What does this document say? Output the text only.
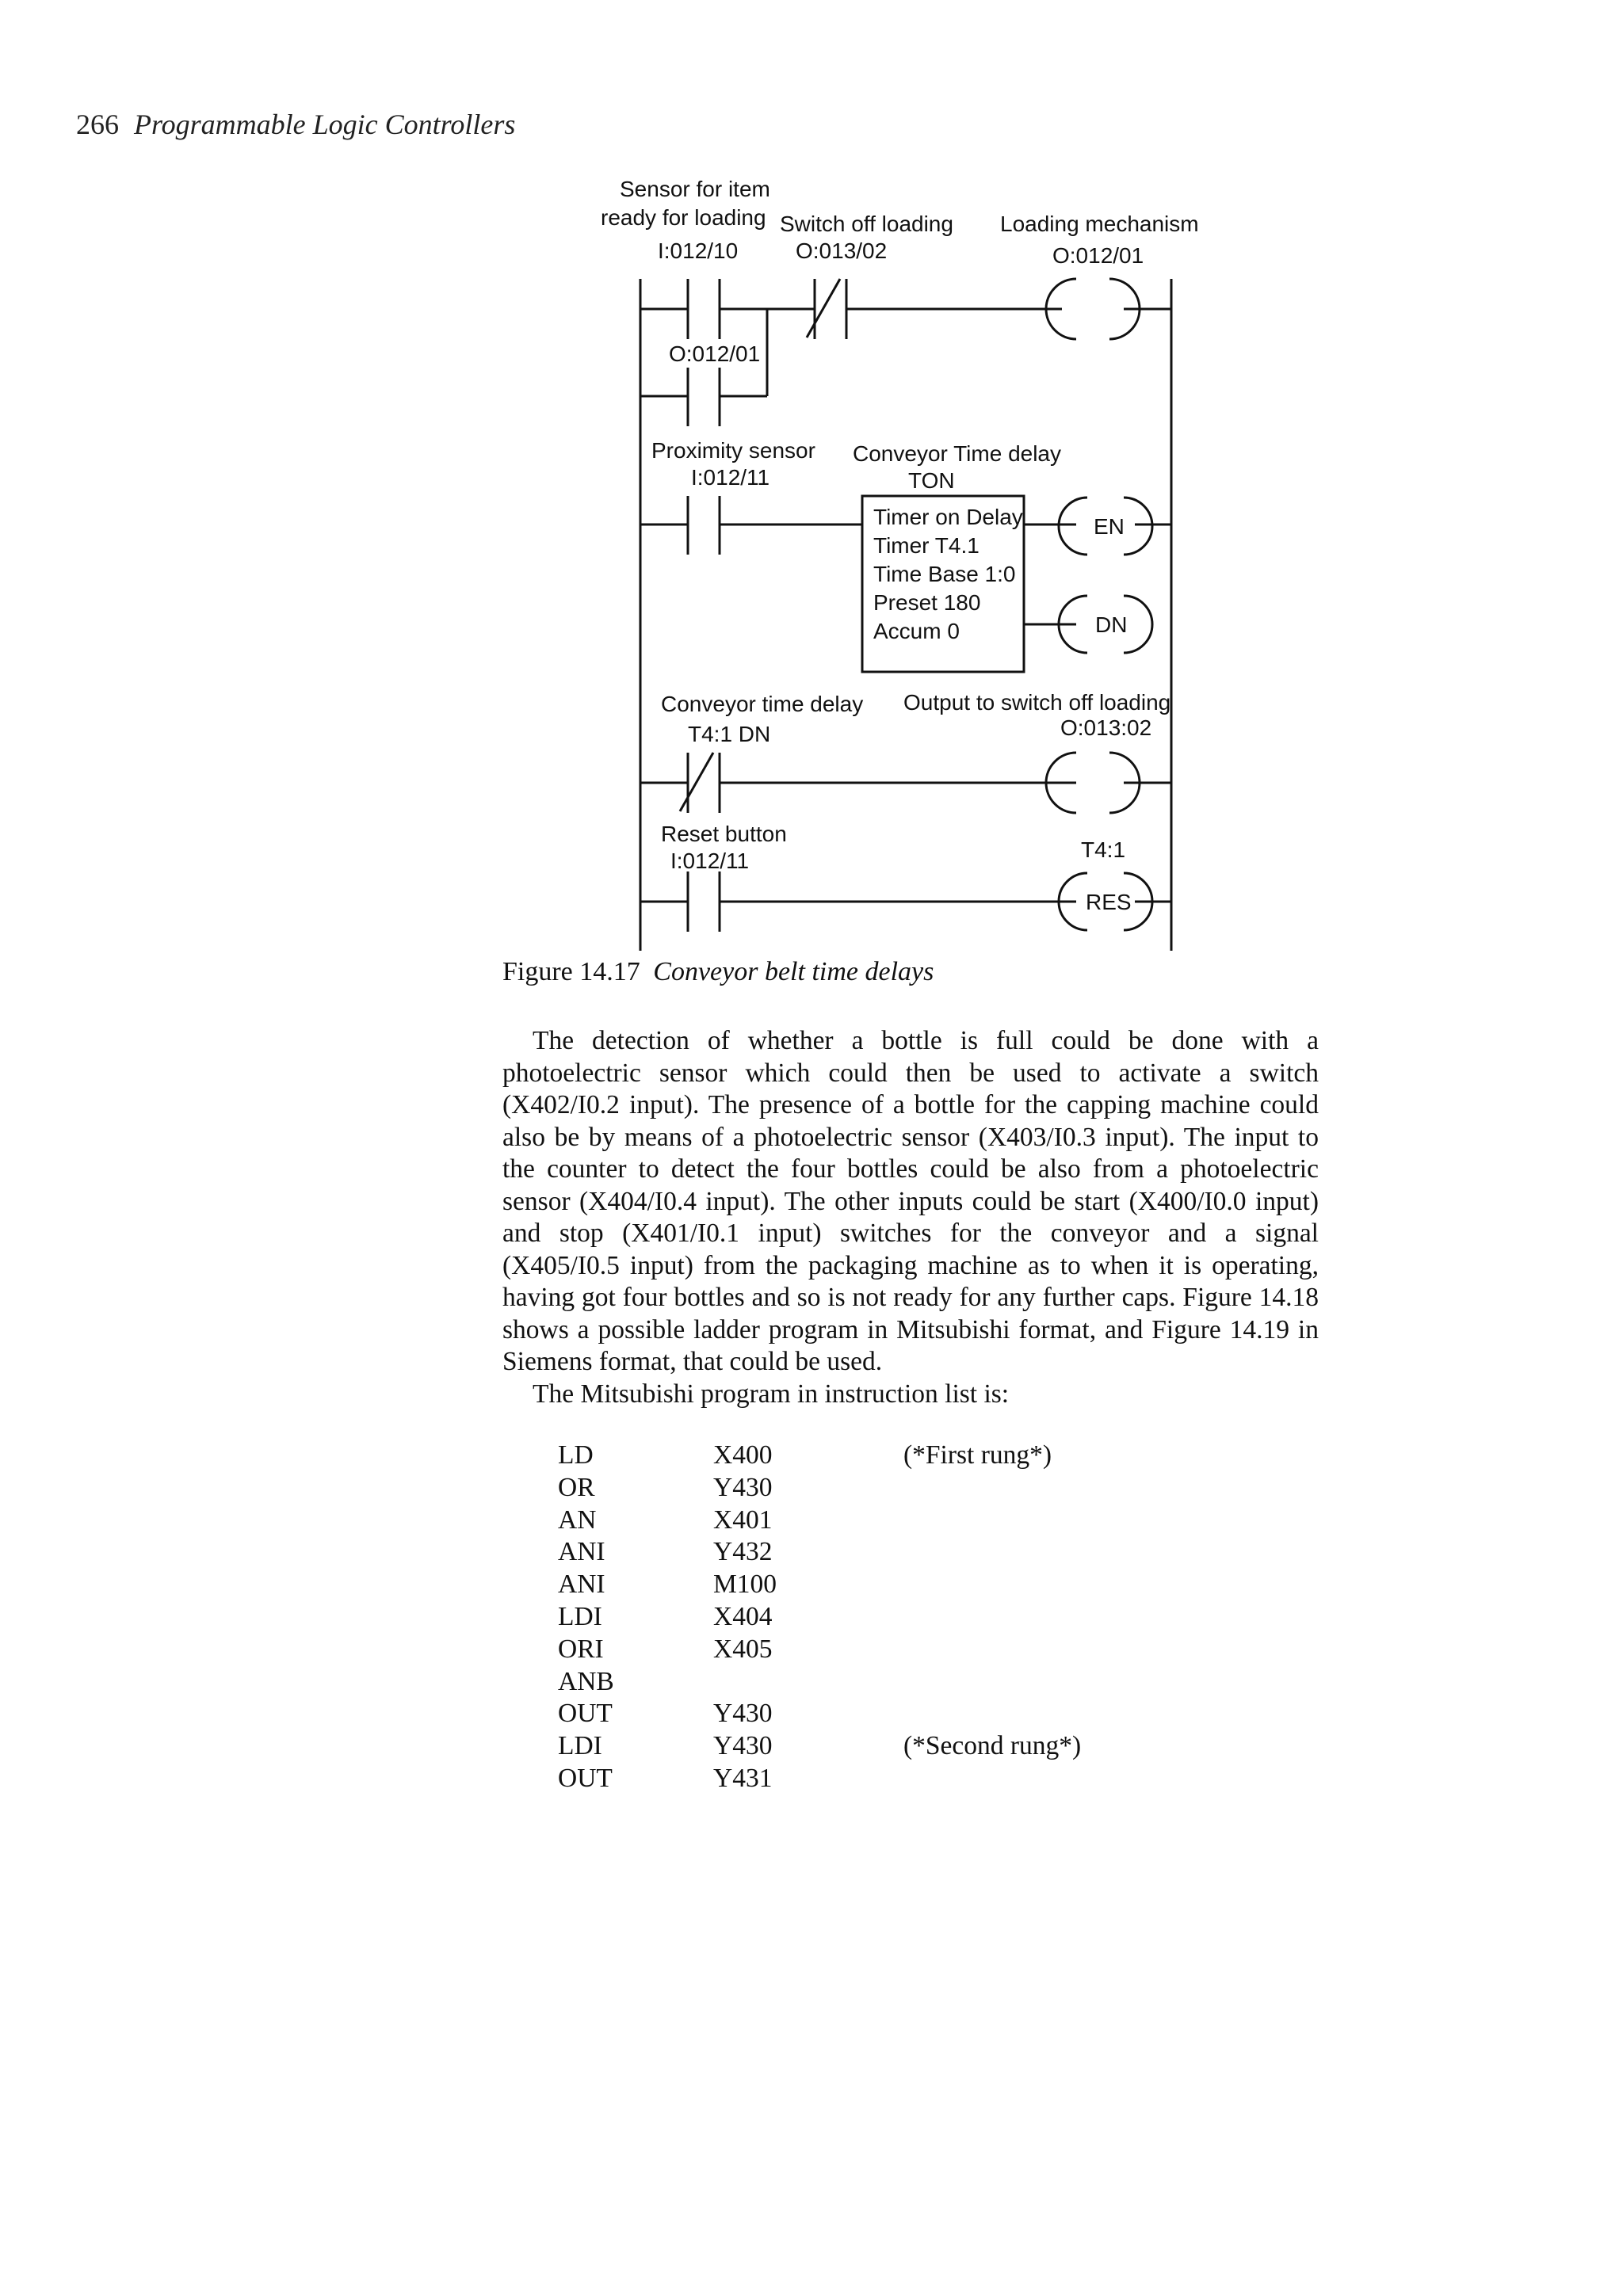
266 Programmable Logic Controllers
Sensor for item
ready for loading
I:012/10
Switch off loading
O:013/02
Loading mechanism
O:012/01
O:012/01
Proximity sensor
I:012/11
Conveyor Time delay
TON
Timer on Delay
Timer T4.1
Time Base 1:0
Preset 180
Accum 0
EN
DN
Conveyor time delay
T4:1 DN
Output to switch off loading
O:013:02
Reset button
I:012/11	T4:1
RES
Figure 14.17 Conveyor belt time delays

The detection of whether a bottle is full could be done with a photoelectric sensor which could then be used to activate a switch (X402/I0.2 input). The presence of a bottle for the capping machine could also be by means of a photoelectric sensor (X403/I0.3 input). The input to the counter to detect the four bottles could be also from a photoelectric sensor (X404/I0.4 input). The other inputs could be start (X400/I0.0 input) and stop (X401/I0.1 input) switches for the conveyor and a signal (X405/I0.5 input) from the packaging machine as to when it is operating, having got four bottles and so is not ready for any further caps. Figure 14.18 shows a possible ladder program in Mitsubishi format, and Figure 14.19 in Siemens format, that could be used.

The Mitsubishi program in instruction list is:

LD	X400	(*First rung*)
OR	Y430
AN	X401
ANI	Y432
ANI	M100
LDI	X404
ORI	X405
ANB
OUT	Y430
LDI	Y430	(*Second rung*)
OUT	Y431
